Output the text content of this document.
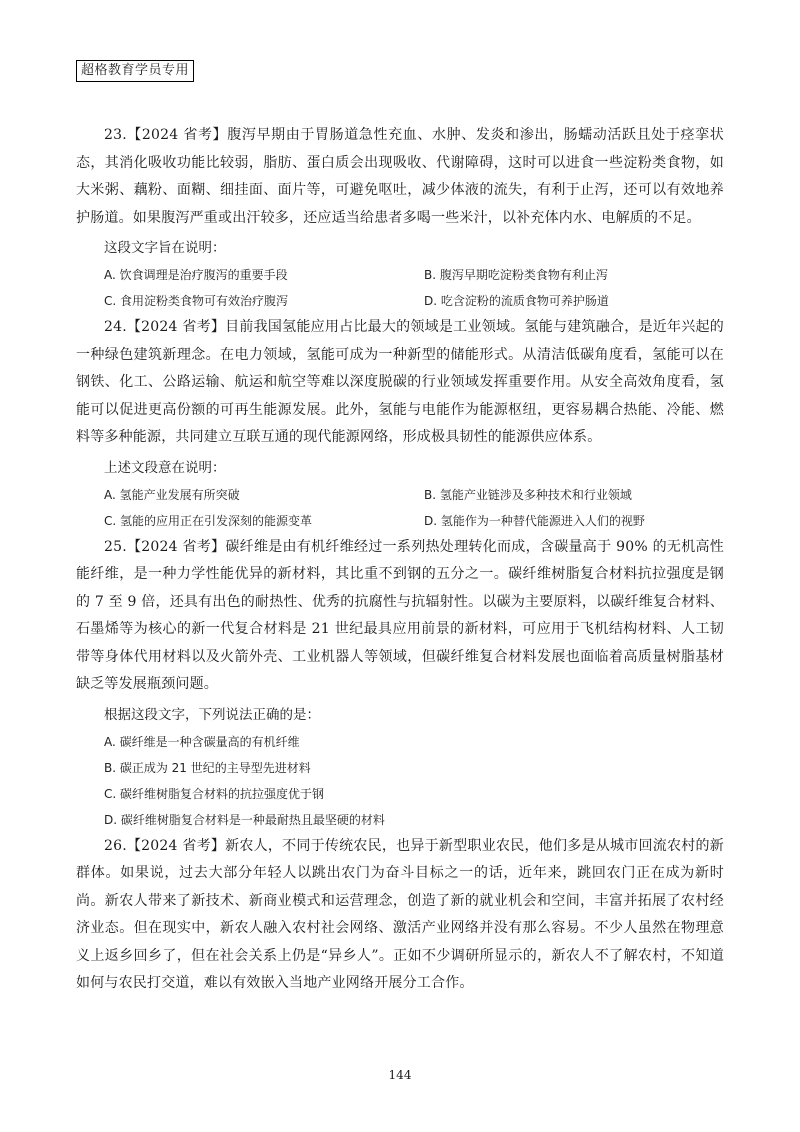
超格教育学员专用

23.【2024 省考】腹泻早期由于胃肠道急性充血、水肿、发炎和渗出，肠蠕动活跃且处于痉挛状态，其消化吸收功能比较弱，脂肪、蛋白质会出现吸收、代谢障碍，这时可以进食一些淀粉类食物，如大米粥、藕粉、面糊、细挂面、面片等，可避免呕吐，减少体液的流失，有利于止泻，还可以有效地养护肠道。如果腹泻严重或出汗较多，还应适当给患者多喝一些米汁，以补充体内水、电解质的不足。

这段文字旨在说明：
A. 饮食调理是治疗腹泻的重要手段	B. 腹泻早期吃淀粉类食物有利止泻
C. 食用淀粉类食物可有效治疗腹泻	D. 吃含淀粉的流质食物可养护肠道

24.【2024 省考】目前我国氢能应用占比最大的领域是工业领域。氢能与建筑融合，是近年兴起的一种绿色建筑新理念。在电力领域，氢能可成为一种新型的储能形式。从清洁低碳角度看，氢能可以在钢铁、化工、公路运输、航运和航空等难以深度脱碳的行业领域发挥重要作用。从安全高效角度看，氢能可以促进更高份额的可再生能源发展。此外，氢能与电能作为能源枢纽，更容易耦合热能、冷能、燃料等多种能源，共同建立互联互通的现代能源网络，形成极具韧性的能源供应体系。

上述文段意在说明：
A. 氢能产业发展有所突破	B. 氢能产业链涉及多种技术和行业领域
C. 氢能的应用正在引发深刻的能源变革	D. 氢能作为一种替代能源进入人们的视野

25.【2024 省考】碳纤维是由有机纤维经过一系列热处理转化而成，含碳量高于 90% 的无机高性能纤维，是一种力学性能优异的新材料，其比重不到钢的五分之一。碳纤维树脂复合材料抗拉强度是钢的 7 至 9 倍，还具有出色的耐热性、优秀的抗腐性与抗辐射性。以碳为主要原料，以碳纤维复合材料、石墨烯等为核心的新一代复合材料是 21 世纪最具应用前景的新材料，可应用于飞机结构材料、人工韧带等身体代用材料以及火箭外壳、工业机器人等领域，但碳纤维复合材料发展也面临着高质量树脂基材缺乏等发展瓶颈问题。

根据这段文字，下列说法正确的是：
A. 碳纤维是一种含碳量高的有机纤维
B. 碳正成为 21 世纪的主导型先进材料
C. 碳纤维树脂复合材料的抗拉强度优于钢
D. 碳纤维树脂复合材料是一种最耐热且最坚硬的材料

26.【2024 省考】新农人，不同于传统农民，也异于新型职业农民，他们多是从城市回流农村的新群体。如果说，过去大部分年轻人以跳出农门为奋斗目标之一的话，近年来，跳回农门正在成为新时尚。新农人带来了新技术、新商业模式和运营理念，创造了新的就业机会和空间，丰富并拓展了农村经济业态。但在现实中，新农人融入农村社会网络、激活产业网络并没有那么容易。不少人虽然在物理意义上返乡回乡了，但在社会关系上仍是“异乡人”。正如不少调研所显示的，新农人不了解农村，不知道如何与农民打交道，难以有效嵌入当地产业网络开展分工合作。

144
